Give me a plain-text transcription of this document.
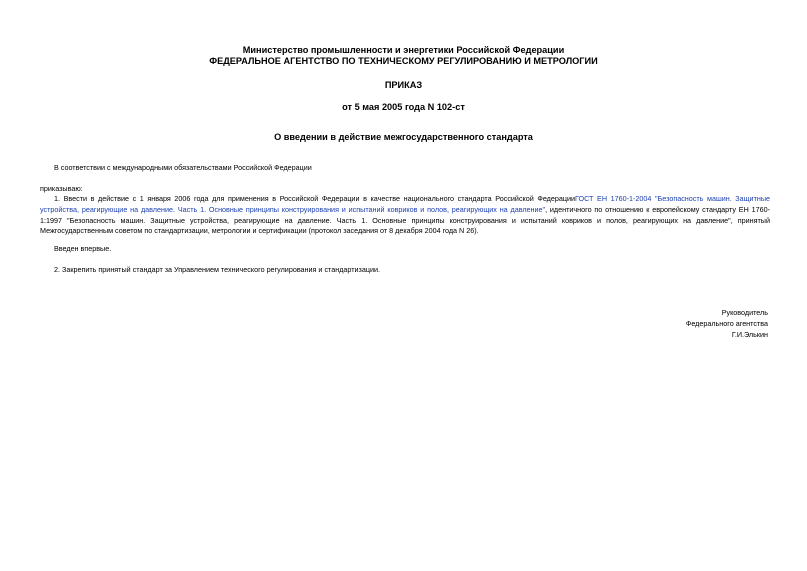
Министерство промышленности и энергетики Российской Федерации
ФЕДЕРАЛЬНОЕ АГЕНТСТВО ПО ТЕХНИЧЕСКОМУ РЕГУЛИРОВАНИЮ И МЕТРОЛОГИИ
ПРИКАЗ
от 5 мая 2005 года N 102-ст
О введении в действие межгосударственного стандарта
В соответствии с международными обязательствами Российской Федерации
приказываю:
1. Ввести в действие с 1 января 2006 года для применения в Российской Федерации в качестве национального стандарта Российской ФедерацииГОСТ ЕН 1760-1-2004 "Безопасность машин. Защитные устройства, реагирующие на давление. Часть 1. Основные принципы конструирования и испытаний ковриков и полов, реагирующих на давление", идентичного по отношению к европейскому стандарту ЕН 1760-1:1997 "Безопасность машин. Защитные устройства, реагирующие на давление. Часть 1. Основные принципы конструирования и испытаний ковриков и полов, реагирующих на давление", принятый Межгосударственным советом по стандартизации, метрологии и сертификации (протокол заседания от 8 декабря 2004 года N 26).
Введен впервые.
2. Закрепить принятый стандарт за Управлением технического регулирования и стандартизации.
Руководитель
Федерального агентства
Г.И.Элькин
